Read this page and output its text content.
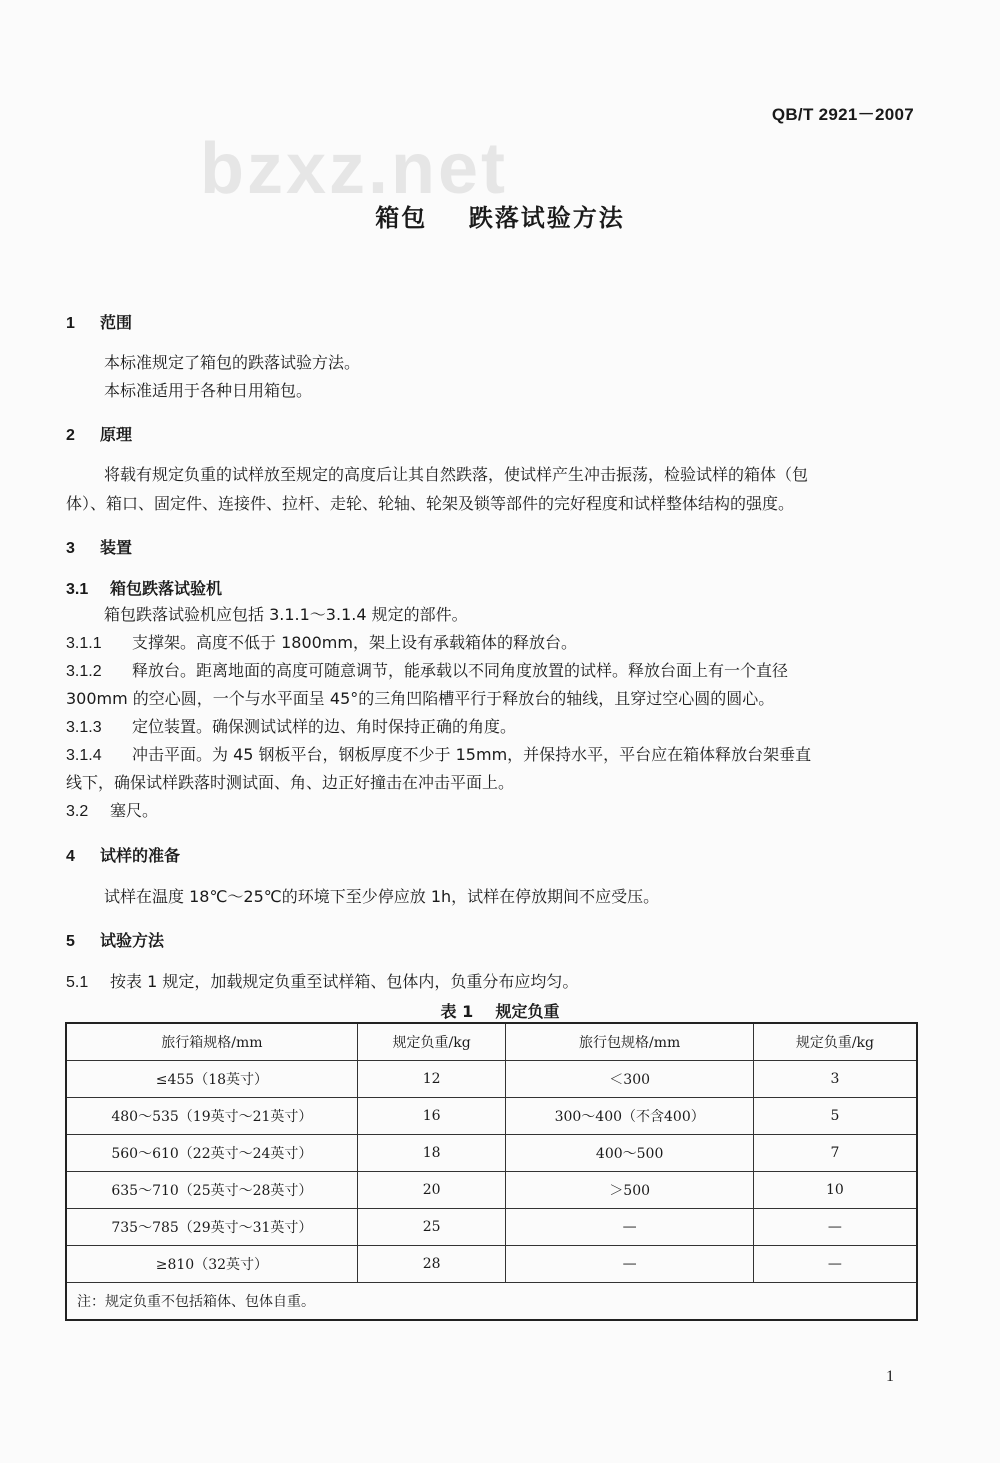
bzxz.net
QB/T 2921－2007
箱包    跌落试验方法
1 范围
本标准规定了箱包的跌落试验方法。
本标准适用于各种日用箱包。
2 原理
将载有规定负重的试样放至规定的高度后让其自然跌落，使试样产生冲击振荡，检验试样的箱体（包
体）、箱口、固定件、连接件、拉杆、走轮、轮轴、轮架及锁等部件的完好程度和试样整体结构的强度。
3 装置
3.1 箱包跌落试验机
箱包跌落试验机应包括 3.1.1～3.1.4 规定的部件。
3.1.1 支撑架。高度不低于 1800mm，架上设有承载箱体的释放台。
3.1.2 释放台。距离地面的高度可随意调节，能承载以不同角度放置的试样。释放台面上有一个直径
300mm 的空心圆，一个与水平面呈 45°的三角凹陷槽平行于释放台的轴线，且穿过空心圆的圆心。
3.1.3 定位装置。确保测试试样的边、角时保持正确的角度。
3.1.4 冲击平面。为 45 钢板平台，钢板厚度不少于 15mm，并保持水平，平台应在箱体释放台架垂直
线下，确保试样跌落时测试面、角、边正好撞击在冲击平面上。
3.2 塞尺。
4 试样的准备
试样在温度 18℃～25℃的环境下至少停应放 1h，试样在停放期间不应受压。
5 试验方法
5.1 按表 1 规定，加载规定负重至试样箱、包体内，负重分布应均匀。
表 1    规定负重
旅行箱规格/mm	规定负重/kg	旅行包规格/mm	规定负重/kg
≤455（18英寸）	12	＜300	3
480～535（19英寸～21英寸）	16	300～400（不含400）	5
560～610（22英寸～24英寸）	18	400～500	7
635～710（25英寸～28英寸）	20	＞500	10
735～785（29英寸～31英寸）	25	—	—
≥810（32英寸）	28	—	—
注：规定负重不包括箱体、包体自重。			
1
